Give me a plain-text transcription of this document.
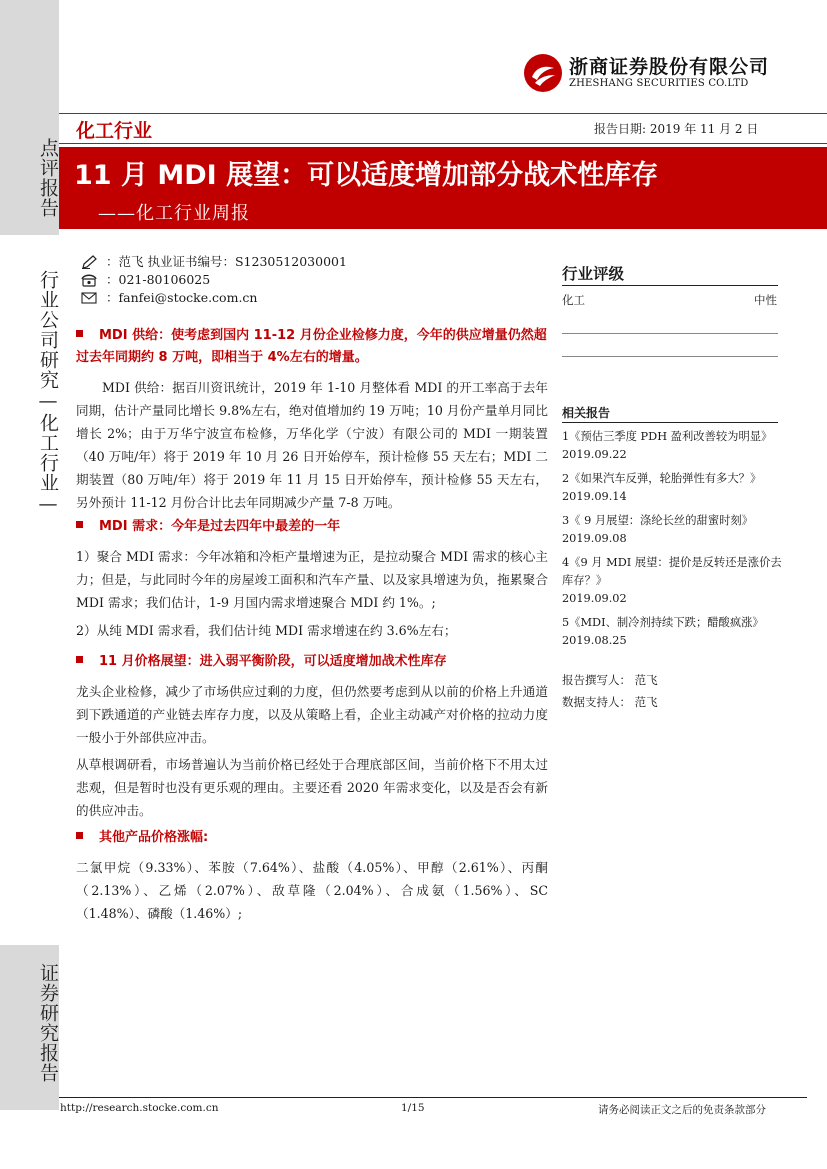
点评报告
行业公司研究—化工行业—
证券研究报告
浙商证券股份有限公司
ZHESHANG SECURITIES CO.LTD
化工行业	报告日期: 2019 年 11 月 2 日
11 月 MDI 展望：可以适度增加部分战术性库存
——化工行业周报
：范飞 执业证书编号：S1230512030001
：021-80106025
：fanfei@stocke.com.cn
MDI 供给：使考虑到国内 11-12 月份企业检修力度，今年的供应增量仍然超过去年同期约 8 万吨，即相当于 4%左右的增量。
MDI 供给：据百川资讯统计，2019 年 1-10 月整体看 MDI 的开工率高于去年同期，估计产量同比增长 9.8%左右，绝对值增加约 19 万吨；10 月份产量单月同比增长 2%；由于万华宁波宣布检修，万华化学（宁波）有限公司的 MDI 一期装置（40 万吨/年）将于 2019 年 10 月 26 日开始停车，预计检修 55 天左右；MDI 二期装置（80 万吨/年）将于 2019 年 11 月 15 日开始停车，预计检修 55 天左右，另外预计 11-12 月份合计比去年同期减少产量 7-8 万吨。
MDI 需求：今年是过去四年中最差的一年
1）聚合 MDI 需求：今年冰箱和冷柜产量增速为正，是拉动聚合 MDI 需求的核心主力；但是，与此同时今年的房屋竣工面积和汽车产量、以及家具增速为负，拖累聚合 MDI 需求；我们估计，1-9 月国内需求增速聚合 MDI 约 1%。;
2）从纯 MDI 需求看，我们估计纯 MDI 需求增速在约 3.6%左右；
11 月价格展望：进入弱平衡阶段，可以适度增加战术性库存
龙头企业检修，减少了市场供应过剩的力度，但仍然要考虑到从以前的价格上升通道到下跌通道的产业链去库存力度，以及从策略上看，企业主动减产对价格的拉动力度一般小于外部供应冲击。
从草根调研看，市场普遍认为当前价格已经处于合理底部区间，当前价格下不用太过悲观，但是暂时也没有更乐观的理由。主要还看 2020 年需求变化，以及是否会有新的供应冲击。
其他产品价格涨幅:
二氯甲烷（9.33%）、苯胺（7.64%）、盐酸（4.05%）、甲醇（2.61%）、丙酮（2.13%）、乙烯（2.07%）、敌草隆（2.04%）、合成氨（1.56%）、SC（1.48%）、磷酸（1.46%）;
行业评级
化工	中性
相关报告
1《预估三季度 PDH 盈利改善较为明显》
2019.09.22
2《如果汽车反弹，轮胎弹性有多大？》
2019.09.14
3《 9 月展望：涤纶长丝的甜蜜时刻》
2019.09.08
4《9 月 MDI 展望：提价是反转还是涨价去库存？》
2019.09.02
5《MDI、制冷剂持续下跌；醋酸疯涨》
2019.08.25
报告撰写人： 范飞
数据支持人： 范飞
http://research.stocke.com.cn	1/15	请务必阅读正文之后的免责条款部分
